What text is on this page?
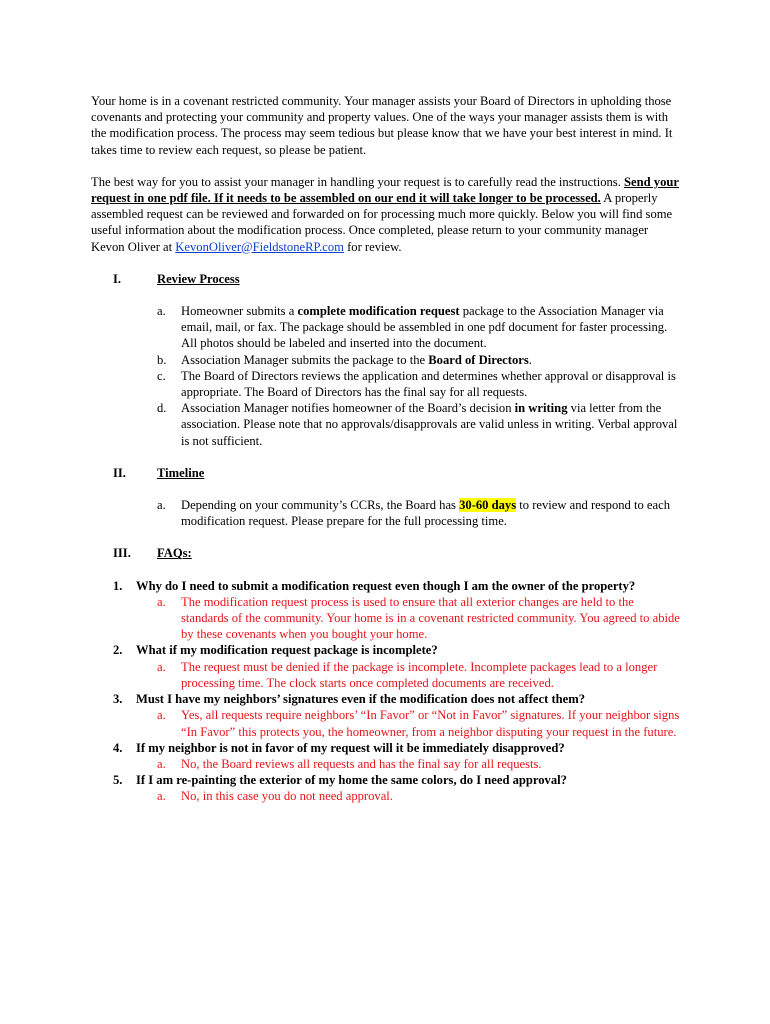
Your home is in a covenant restricted community. Your manager assists your Board of Directors in upholding those covenants and protecting your community and property values. One of the ways your manager assists them is with the modification process. The process may seem tedious but please know that we have your best interest in mind. It takes time to review each request, so please be patient.

The best way for you to assist your manager in handling your request is to carefully read the instructions. Send your request in one pdf file. If it needs to be assembled on our end it will take longer to be processed. A properly assembled request can be reviewed and forwarded on for processing much more quickly. Below you will find some useful information about the modification process. Once completed, please return to your community manager Kevon Oliver at KevonOliver@FieldstoneRP.com for review.

I.	Review Process
a.	Homeowner submits a complete modification request package to the Association Manager via email, mail, or fax. The package should be assembled in one pdf document for faster processing. All photos should be labeled and inserted into the document.
b.	Association Manager submits the package to the Board of Directors.
c.	The Board of Directors reviews the application and determines whether approval or disapproval is appropriate. The Board of Directors has the final say for all requests.
d.	Association Manager notifies homeowner of the Board’s decision in writing via letter from the association. Please note that no approvals/disapprovals are valid unless in writing. Verbal approval is not sufficient.
II.	Timeline
a.	Depending on your community’s CCRs, the Board has 30-60 days to review and respond to each modification request. Please prepare for the full processing time.
III.	FAQs:
1.	Why do I need to submit a modification request even though I am the owner of the property?
a.	The modification request process is used to ensure that all exterior changes are held to the standards of the community. Your home is in a covenant restricted community. You agreed to abide by these covenants when you bought your home.
2.	What if my modification request package is incomplete?
a.	The request must be denied if the package is incomplete. Incomplete packages lead to a longer processing time. The clock starts once completed documents are received.
3.	Must I have my neighbors’ signatures even if the modification does not affect them?
a.	Yes, all requests require neighbors’ “In Favor” or “Not in Favor” signatures. If your neighbor signs “In Favor” this protects you, the homeowner, from a neighbor disputing your request in the future.
4.	If my neighbor is not in favor of my request will it be immediately disapproved?
a.	No, the Board reviews all requests and has the final say for all requests.
5.	If I am re-painting the exterior of my home the same colors, do I need approval?
a.	No, in this case you do not need approval.
